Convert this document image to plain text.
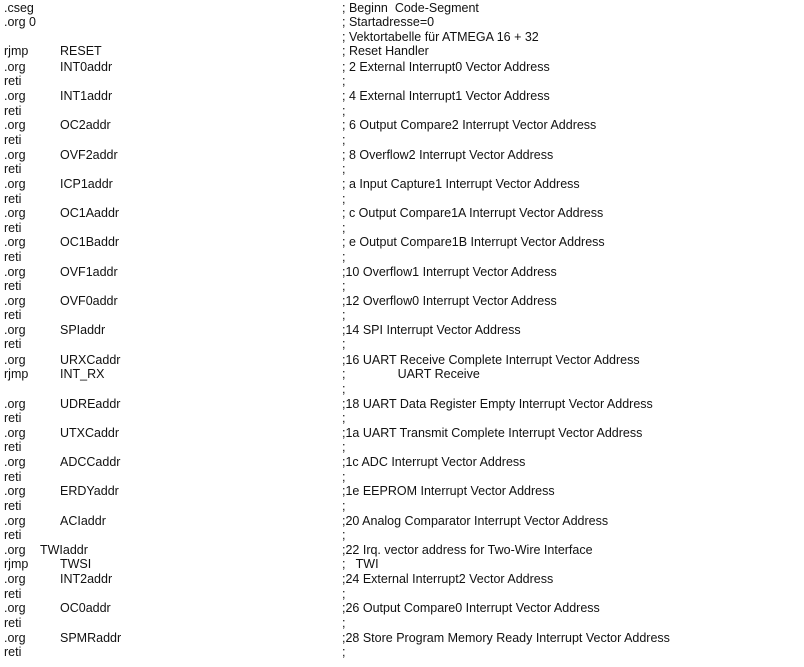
.cseg	; Beginn  Code-Segment
.org 0	; Startadresse=0
; Vektortabelle für ATMEGA 16 + 32
rjmp	RESET	; Reset Handler
.org	INT0addr	; 2 External Interrupt0 Vector Address
reti	;
.org	INT1addr	; 4 External Interrupt1 Vector Address
reti	;
.org	OC2addr	; 6 Output Compare2 Interrupt Vector Address
reti	;
.org	OVF2addr	; 8 Overflow2 Interrupt Vector Address
reti	;
.org	ICP1addr	; a Input Capture1 Interrupt Vector Address
reti	;
.org	OC1Aaddr	; c Output Compare1A Interrupt Vector Address
reti	;
.org	OC1Baddr	; e Output Compare1B Interrupt Vector Address
reti	;
.org	OVF1addr	;10 Overflow1 Interrupt Vector Address
reti	;
.org	OVF0addr	;12 Overflow0 Interrupt Vector Address
reti	;
.org	SPIaddr	;14 SPI Interrupt Vector Address
reti	;
.org	URXCaddr	;16 UART Receive Complete Interrupt Vector Address
rjmp	INT_RX	;               UART Receive
;
.org	UDREaddr	;18 UART Data Register Empty Interrupt Vector Address
reti	;
.org	UTXCaddr	;1a UART Transmit Complete Interrupt Vector Address
reti	;
.org	ADCCaddr	;1c ADC Interrupt Vector Address
reti	;
.org	ERDYaddr	;1e EEPROM Interrupt Vector Address
reti	;
.org	ACIaddr	;20 Analog Comparator Interrupt Vector Address
reti	;
.org TWIaddr	;22 Irq. vector address for Two-Wire Interface
rjmp	TWSI	;   TWI
.org	INT2addr	;24 External Interrupt2 Vector Address
reti	;
.org	OC0addr	;26 Output Compare0 Interrupt Vector Address
reti	;
.org	SPMRaddr	;28 Store Program Memory Ready Interrupt Vector Address
reti	;
